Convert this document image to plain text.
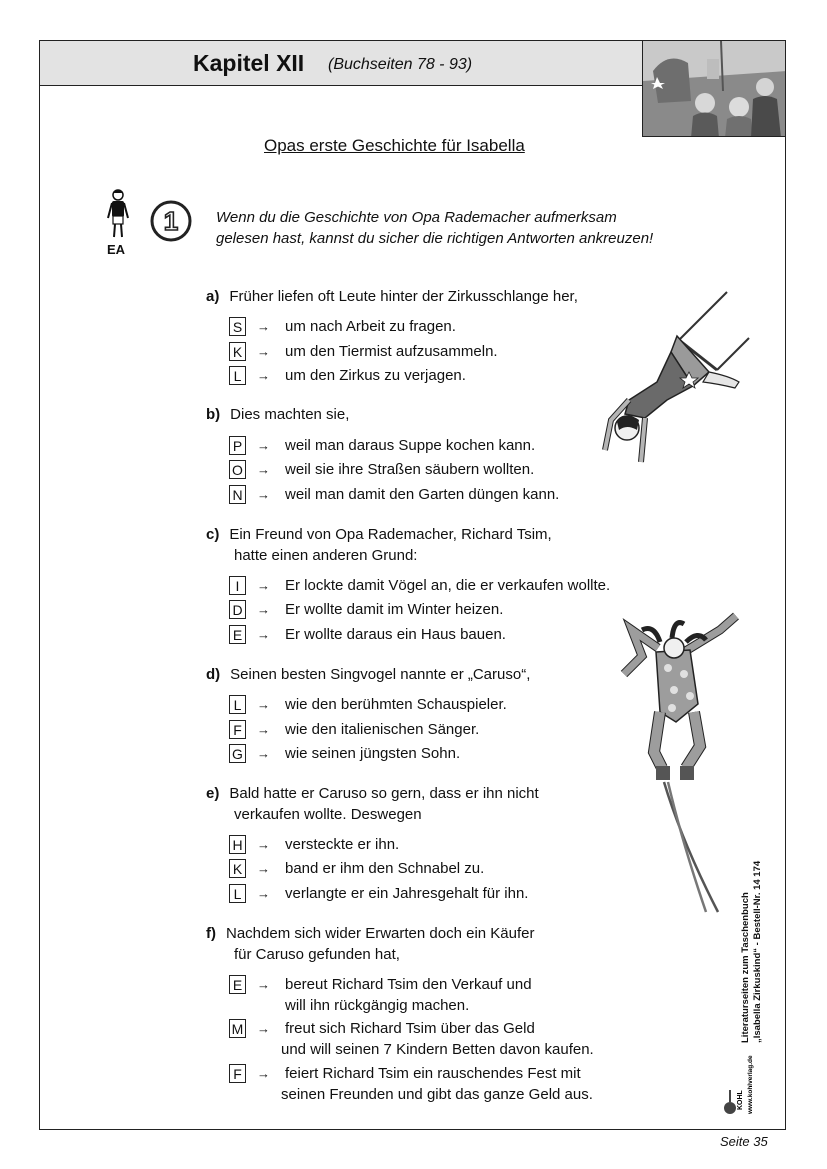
Kapitel XII (Buchseiten 78 - 93)
Opas erste Geschichte für Isabella
EA
1	Wenn du die Geschichte von Opa Rademacher aufmerksam
gelesen hast, kannst du sicher die richtigen Antworten ankreuzen!
a) Früher liefen oft Leute hinter der Zirkusschlange her,
S → um nach Arbeit zu fragen.
K → um den Tiermist aufzusammeln.
L	→ um den Zirkus zu verjagen.
b) Dies machten sie,
P → weil man daraus Suppe kochen kann.
O → weil sie ihre Straßen säubern wollten.
N → weil man damit den Garten düngen kann.
c) Ein Freund von Opa Rademacher, Richard Tsim,
hatte einen anderen Grund:
I	→ Er lockte damit Vögel an, die er verkaufen wollte.
D → Er wollte damit im Winter heizen.
E → Er wollte daraus ein Haus bauen.
d) Seinen besten Singvogel nannte er „Caruso“,
L	→ wie den berühmten Schauspieler.
F	→ wie den italienischen Sänger.
G → wie seinen jüngsten Sohn.
e) Bald hatte er Caruso so gern, dass er ihn nicht
verkaufen wollte. Deswegen
H → versteckte er ihn.
K → band er ihm den Schnabel zu.
L	→ verlangte er ein Jahresgehalt für ihn.
f) Nachdem sich wider Erwarten doch ein Käufer
für Caruso gefunden hat,
E → bereut Richard Tsim den Verkauf und
will ihn rückgängig machen.
M → freut sich Richard Tsim über das Geld
und will seinen 7 Kindern Betten davon kaufen.
F	→ feiert Richard Tsim ein rauschendes Fest mit
seinen Freunden und gibt das ganze Geld aus.
Literaturseiten zum Taschenbuch „Isabella Zirkuskind“ - Bestell-Nr. 14 174
KOHL www.kohlverlag.de
Seite 35
